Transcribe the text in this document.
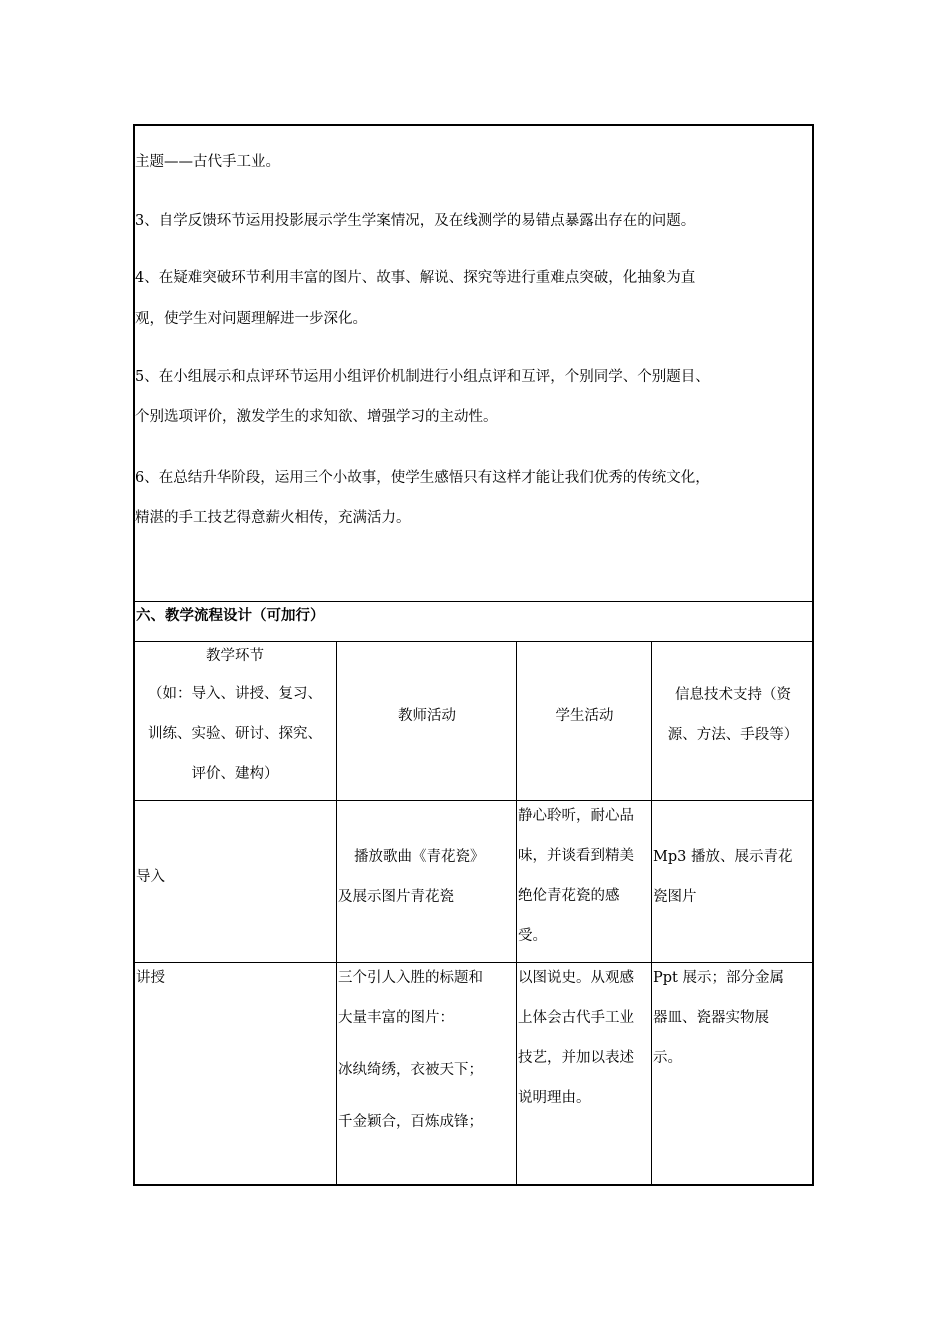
主题——古代手工业。
3、自学反馈环节运用投影展示学生学案情况，及在线测学的易错点暴露出存在的问题。
4、在疑难突破环节利用丰富的图片、故事、解说、探究等进行重难点突破，化抽象为直
观，使学生对问题理解进一步深化。
5、在小组展示和点评环节运用小组评价机制进行小组点评和互评，个别同学、个别题目、
个别选项评价，激发学生的求知欲、增强学习的主动性。
6、在总结升华阶段，运用三个小故事，使学生感悟只有这样才能让我们优秀的传统文化，
精湛的手工技艺得意薪火相传，充满活力。
六、教学流程设计（可加行）
教学环节
（如：导入、讲授、复习、
训练、实验、研讨、探究、
评价、建构）
教师活动	学生活动
信息技术支持（资
源、方法、手段等）
导入
播放歌曲《青花瓷》
及展示图片青花瓷
静心聆听，耐心品
味，并谈看到精美
绝伦青花瓷的感
受。
Mp3 播放、展示青花
瓷图片
讲授	三个引人入胜的标题和
大量丰富的图片：
冰纨绮绣，衣被天下；
千金颖合，百炼成锋；
以图说史。从观感
上体会古代手工业
技艺，并加以表述
说明理由。
Ppt 展示；部分金属
器皿、瓷器实物展
示。
